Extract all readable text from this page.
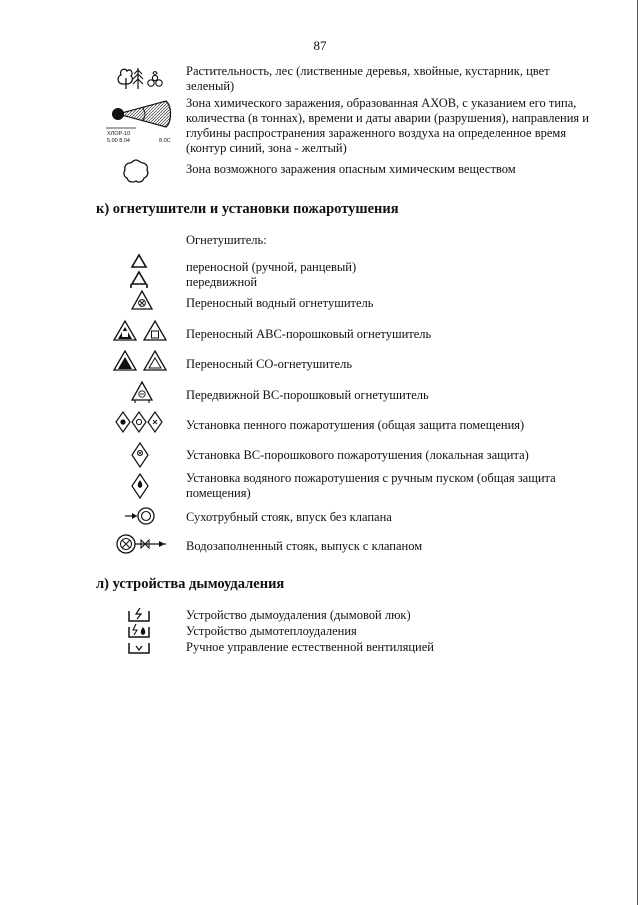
87
Растительность, лес (лиственные деревья, хвойные, кустарник, цвет зеленый)
ХЛОР-10
5.00 8.04	8.0С
Зона химического заражения, образованная АХОВ, с указанием его типа, количества (в тоннах), времени и даты аварии (разрушения), направления и глубины распространения зараженного воздуха на определенное время (контур синий, зона - желтый)
Зона возможного заражения опасным химическим веществом
к) огнетушители и установки пожаротушения
Огнетушитель:
переносной (ручной, ранцевый)
передвижной
Переносный водный огнетушитель
Переносный АВС-порошковый огнетушитель
Переносный СО-огнетушитель
Передвижной ВС-порошковый огнетушитель
Установка пенного пожаротушения (общая защита помещения)
Установка ВС-порошкового пожаротушения (локальная защита)
Установка водяного пожаротушения с ручным пуском (общая защита помещения)
Сухотрубный стояк, впуск без клапана
Водозаполненный стояк, выпуск с клапаном
л) устройства дымоудаления
Устройство дымоудаления (дымовой люк)
Устройство дымотеплоудаления
Ручное управление естественной вентиляцией
